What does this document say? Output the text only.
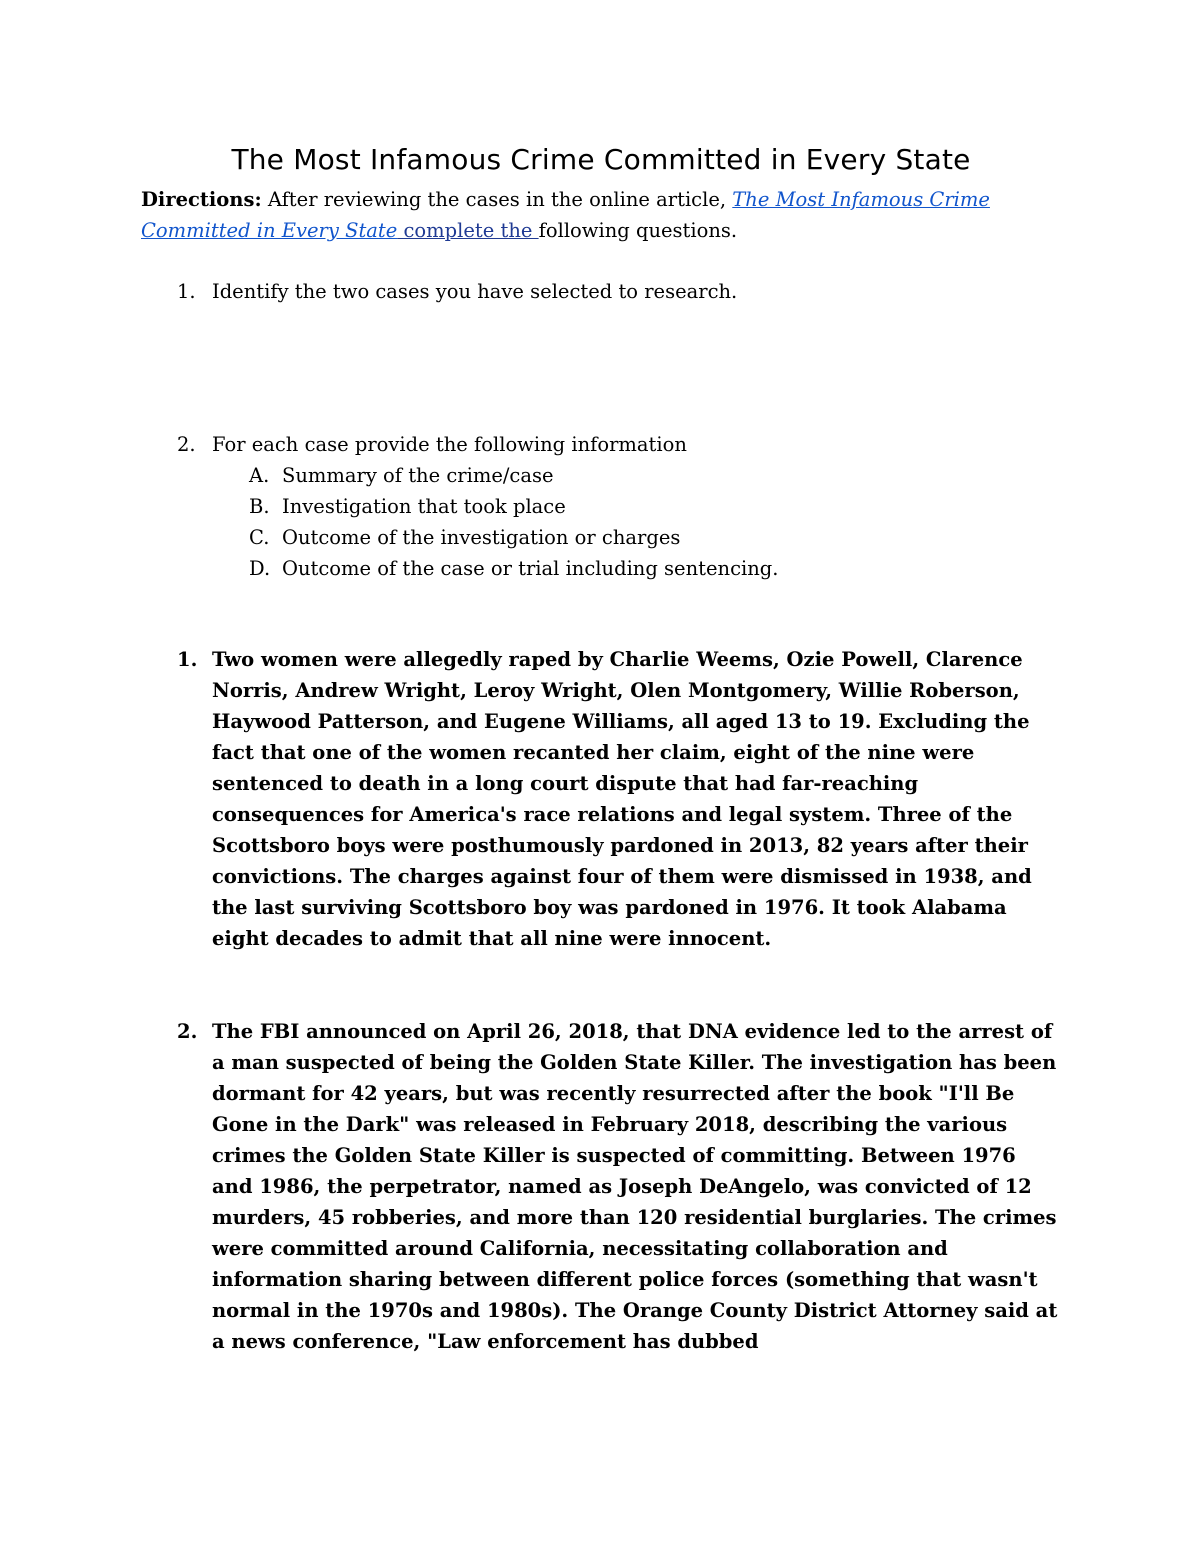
The Most Infamous Crime Committed in Every State

Directions: After reviewing the cases in the online article, The Most Infamous Crime Committed in Every State complete the following questions.

1. Identify the two cases you have selected to research.
2. For each case provide the following information
A. Summary of the crime/case
B. Investigation that took place
C. Outcome of the investigation or charges
D. Outcome of the case or trial including sentencing.
1. Two women were allegedly raped by Charlie Weems, Ozie Powell, Clarence Norris, Andrew Wright, Leroy Wright, Olen Montgomery, Willie Roberson, Haywood Patterson, and Eugene Williams, all aged 13 to 19. Excluding the fact that one of the women recanted her claim, eight of the nine were sentenced to death in a long court dispute that had far-reaching consequences for America's race relations and legal system. Three of the Scottsboro boys were posthumously pardoned in 2013, 82 years after their convictions. The charges against four of them were dismissed in 1938, and the last surviving Scottsboro boy was pardoned in 1976. It took Alabama eight decades to admit that all nine were innocent.
2. The FBI announced on April 26, 2018, that DNA evidence led to the arrest of a man suspected of being the Golden State Killer. The investigation has been dormant for 42 years, but was recently resurrected after the book "I'll Be Gone in the Dark" was released in February 2018, describing the various crimes the Golden State Killer is suspected of committing. Between 1976 and 1986, the perpetrator, named as Joseph DeAngelo, was convicted of 12 murders, 45 robberies, and more than 120 residential burglaries. The crimes were committed around California, necessitating collaboration and information sharing between different police forces (something that wasn't normal in the 1970s and 1980s). The Orange County District Attorney said at a news conference, "Law enforcement has dubbed
